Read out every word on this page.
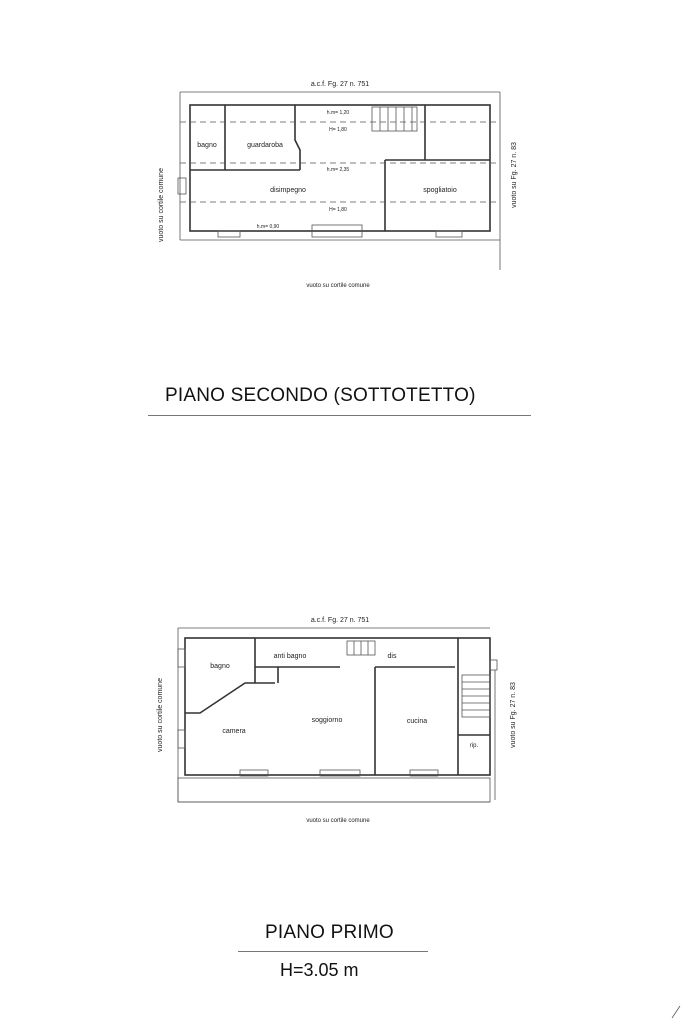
a.c.f. Fg. 27 n. 751
h.m= 1,20
H= 1,80
h.m= 2,35
H= 1,80
h.m= 0,90
bagno	guardaroba
disimpegno	spogliatoio
vuoto su cortile comune	vuoto su Fg. 27 n. 83
vuoto su cortile comune
PIANO SECONDO (SOTTOTETTO)
a.c.f. Fg. 27 n. 751
bagno
anti bagno	dis
camera
soggiorno	cucina
rip.
vuoto su cortile comune	vuoto su Fg. 27 n. 83
vuoto su cortile comune
PIANO PRIMO
H=3.05 m
